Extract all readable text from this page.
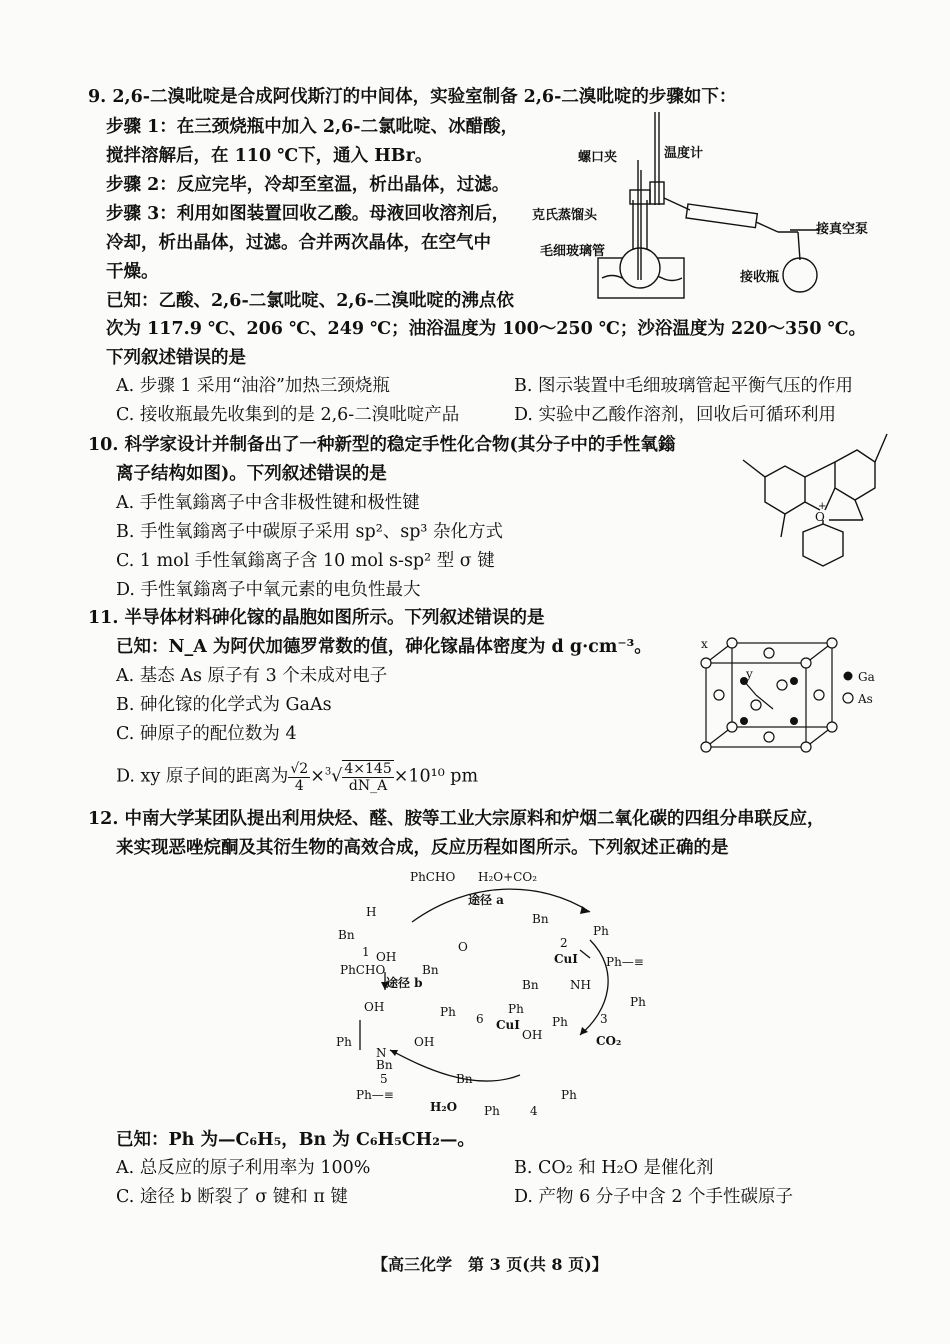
9. 2,6-二溴吡啶是合成阿伐斯汀的中间体，实验室制备 2,6-二溴吡啶的步骤如下：
步骤 1：在三颈烧瓶中加入 2,6-二氯吡啶、冰醋酸，
搅拌溶解后，在 110 ℃下，通入 HBr。
步骤 2：反应完毕，冷却至室温，析出晶体，过滤。
步骤 3：利用如图装置回收乙酸。母液回收溶剂后，
冷却，析出晶体，过滤。合并两次晶体，在空气中
干燥。
已知：乙酸、2,6-二氯吡啶、2,6-二溴吡啶的沸点依
次为 117.9 ℃、206 ℃、249 ℃；油浴温度为 100～250 ℃；沙浴温度为 220～350 ℃。
下列叙述错误的是
A. 步骤 1 采用“油浴”加热三颈烧瓶	B. 图示装置中毛细玻璃管起平衡气压的作用
C. 接收瓶最先收集到的是 2,6-二溴吡啶产品	D. 实验中乙酸作溶剂，回收后可循环利用
螺口夹	温度计
克氏蒸馏头
毛细玻璃管
接真空泵
接收瓶
10. 科学家设计并制备出了一种新型的稳定手性化合物(其分子中的手性氧鎓
离子结构如图)。下列叙述错误的是
A. 手性氧鎓离子中含非极性键和极性键
B. 手性氧鎓离子中碳原子采用 sp²、sp³ 杂化方式
C. 1 mol 手性氧鎓离子含 10 mol s-sp² 型 σ 键
D. 手性氧鎓离子中氧元素的电负性最大
O
+
11. 半导体材料砷化镓的晶胞如图所示。下列叙述错误的是
已知：N_A 为阿伏加德罗常数的值，砷化镓晶体密度为 d g·cm⁻³。
A. 基态 As 原子有 3 个未成对电子
B. 砷化镓的化学式为 GaAs
C. 砷原子的配位数为 4
D. xy 原子间的距离为 $\frac{√2}{4} \times^3√ \frac{4\times 145}{dN\_A} \times 10^{10}$ pm
x
y	Ga
As
12. 中南大学某团队提出利用炔烃、醛、胺等工业大宗原料和炉烟二氧化碳的四组分串联反应，
来实现恶唑烷酮及其衍生物的高效合成，反应历程如图所示。下列叙述正确的是
PhCHO H₂O+CO₂
途径 a
H
Bn
1 OH
Bn
Ph
2
CuI Ph—≡
PhCHO
途径 b
Bn
O
Ph	Ph
6 CuI
Bn	NH
Ph
Ph	3
OH
Ph	OH
N
Bn
5
CO₂
OH
Bn
Ph
Ph
4
Ph—≡
H₂O
已知：Ph 为—C₆H₅，Bn 为 C₆H₅CH₂—。
A. 总反应的原子利用率为 100%	B. CO₂ 和 H₂O 是催化剂
C. 途径 b 断裂了 σ 键和 π 键	D. 产物 6 分子中含 2 个手性碳原子
【高三化学　第 3 页(共 8 页)】
